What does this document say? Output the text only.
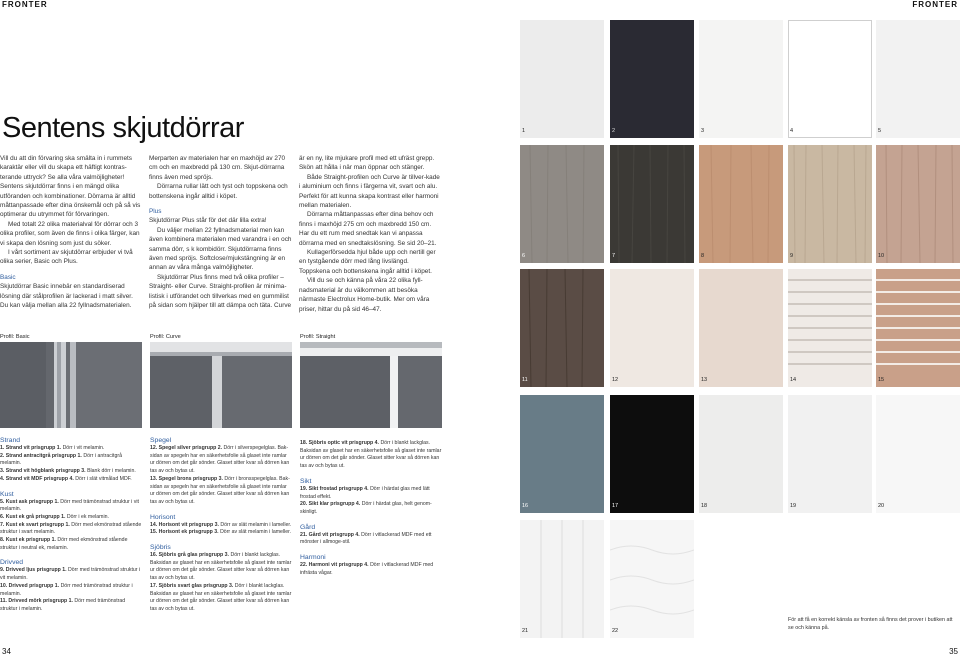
FRONTER	FRONTER
Sentens skjutdörrar

Vill du att din förvaring ska smälta in i rummets karaktär eller vill du skapa ett häftigt kontras-terande uttryck? Se alla våra valmöjligheter! Sentens skjutdörrar finns i en mängd olika utföranden och kombinationer. Dörrarna är alltid måttanpassade efter dina önskemål och på så vis optimerar du utrymmet för förvaringen.

Med totalt 22 olika materialval för dörrar och 3 olika profiler, som även de finns i olika färger, kan vi skapa den lösning som just du söker.

I vårt sortiment av skjutdörrar erbjuder vi två olika serier, Basic och Plus.

Basic

Skjutdörrar Basic innebär en standardiserad lösning där stålprofilen är lackerad i matt silver. Du kan välja mellan alla 22 fyllnadsmaterialen.

Merparten av materialen har en maxhöjd av 270 cm och en maxbredd på 130 cm. Skjut-dörrarna finns även med spröjs.

Dörrarna rullar lätt och tyst och toppskena och bottenskena ingår alltid i köpet.

Plus

Skjutdörrar Plus står för det där lilla extra!

Du väljer mellan 22 fyllnadsmaterial men kan även kombinera materialen med varandra i en och samma dörr, s k kombidörr. Skjutdörrarna finns även med spröjs. Softclose/mjukstängning är en annan av våra många valmöjligheter.

Skjutdörrar Plus finns med två olika profiler – Straight- eller Curve. Straight-profilen är minima-listisk i utförandet och tillverkas med en gummilist på sidan som hjälper till att dämpa och täta. Curve

är en ny, lite mjukare profil med ett ufräst grepp. Skön att hålla i när man öppnar och stänger.

Både Straight-profilen och Curve är tillver-kade i aluminium och finns i färgerna vit, svart och alu. Perfekt för att kunna skapa kontrast eller harmoni mellan materialen.

Dörrarna måttanpassas efter dina behov och finns i maxhöjd 275 cm och maxbredd 150 cm. Har du ett rum med snedtak kan vi anpassa dörrarna med en snedtakslösning. Se sid 20–21.

Kullagerförsedda hjul både upp och nertill ger en tystgående dörr med lång livslängd. Toppskena och bottenskena ingår alltid i köpet.

Vill du se och känna på våra 22 olika fyll-nadsmaterial är du välkommen att besöka närmaste Electrolux Home-butik. Mer om våra priser, hittar du på sid 46–47.

Profil: Basic	Profil: Curve	Profil: Straight

Strand

1. Strand vit prisgrupp 1. Dörr i vit melamin.

2. Strand antracitgrå prisgrupp 1. Dörr i antracitgrå melamin.

3. Strand vit högblank prisgrupp 3. Blank dörr i melamin.

4. Strand vit MDF prisgrupp 4. Dörr i slät vitmålad MDF.

Kust

5. Kust ask prisgrupp 1. Dörr med trämönstrad struktur i vit melamin.

6. Kust ek grå prisgrupp 1. Dörr i ek melamin.

7. Kust ek svart prisgrupp 1. Dörr med ekmönstrad stående struktur i svart melamin.

8. Kust ek prisgrupp 1. Dörr med ekmönstrad stående struktur i neutral ek, melamin.

Drivved

9. Drivved ljus prisgrupp 1. Dörr med trämönstrad struktur i vit melamin.

10. Drivved prisgrupp 1. Dörr med trämönstrad struktur i melamin.

11. Drivved mörk prisgrupp 1. Dörr med trämönstrad struktur i melamin.

Spegel

12. Spegel silver prisgrupp 2. Dörr i silverspegelglas. Bak-sidan av spegeln har en säkerhetsfolie så glaset inte ramlar ur dörren om det går sönder. Glaset sitter kvar så dörren kan tas av och bytas ut.

13. Spegel brons prisgrupp 3. Dörr i bronsspegelglas. Bak-sidan av spegeln har en säkerhetsfolie så glaset inte ramlar ur dörren om det går sönder. Glaset sitter kvar så dörren kan tas av och bytas ut.

Horisont

14. Horisont vit prisgrupp 3. Dörr av slät melamin i lameller.

15. Horisont ek prisgrupp 3. Dörr av slät melamin i lameller.

Sjöbris

16. Sjöbris grå glas prisgrupp 3. Dörr i blankt lackglas. Baksidan av glaset har en säkerhetsfolie så glaset inte ramlar ur dörren om det går sönder. Glaset sitter kvar så dörren kan tas av och bytas ut.

17. Sjöbris svart glas prisgrupp 3. Dörr i blankt lackglas. Baksidan av glaset har en säkerhetsfolie så glaset inte ramlar ur dörren om det går sönder. Glaset sitter kvar så dörren kan tas av och bytas ut.

18. Sjöbris optic vit prisgrupp 4. Dörr i blankt lackglas. Baksidan av glaset har en säkerhetsfolie så glaset inte ramlar ur dörren om det går sönder. Glaset sitter kvar så dörren kan tas av och bytas ut.

Sikt

19. Sikt frostad prisgrupp 4. Dörr i härdat glas med lätt frostad effekt.

20. Sikt klar prisgrupp 4. Dörr i härdat glas, helt genom-skinligt.

Gård

21. Gård vit prisgrupp 4. Dörr i vitlackerad MDF med ett mönster i allmoge-stil.

Harmoni

22. Harmoni vit prisgrupp 4. Dörr i vitlackerad MDF med infrästa vågar.

1	2	3	4	5
6	7	8	9	10
11	12	13	14	15
16	17	18	19	20
21	22
För att få en korrekt känsla av fronten så finns det prover i butiken att se och känna på.
34	35
